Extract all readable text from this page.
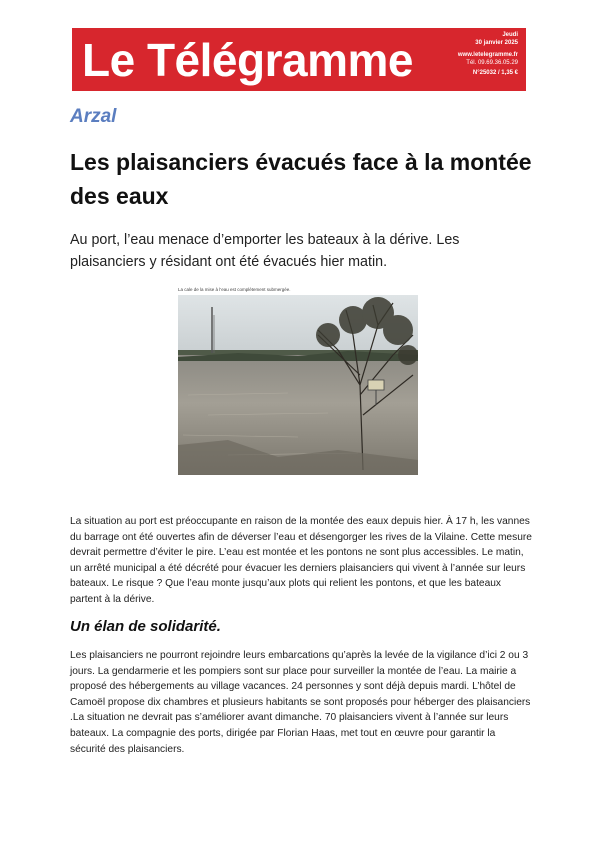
Le Télégramme	Jeudi
30 janvier 2025
www.letelegramme.fr
Tél. 09.69.36.05.29
N°25032 / 1,35 €
Arzal
Les plaisanciers évacués face à la montée des eaux
Au port, l’eau menace d’emporter les bateaux à la dérive. Les plaisanciers y résidant ont été évacués hier matin.
La cale de la mise à l’eau est complètement submergée.

La situation au port est préoccupante en raison de la montée des eaux depuis hier. À 17 h, les vannes du barrage ont été ouvertes afin de déverser l’eau et désengorger les rives de la Vilaine. Cette mesure devrait permettre d’éviter le pire. L’eau est montée et les pontons ne sont plus accessibles. Le matin, un arrêté municipal a été décrété pour évacuer les derniers plaisanciers qui vivent à l’année sur leurs bateaux. Le risque ? Que l’eau monte jusqu’aux plots qui relient les pontons, et que les bateaux partent à la dérive.

Un élan de solidarité.

Les plaisanciers ne pourront rejoindre leurs embarcations qu’après la levée de la vigilance d’ici 2 ou 3 jours. La gendarmerie et les pompiers sont sur place pour surveiller la montée de l’eau. La mairie a proposé des hébergements au village vacances. 24 personnes y sont déjà depuis mardi. L’hôtel de Camoël propose dix chambres et plusieurs habitants se sont proposés pour héberger des plaisanciers .La situation ne devrait pas s’améliorer avant dimanche. 70 plaisanciers vivent à l’année sur leurs bateaux. La compagnie des ports, dirigée par Florian Haas, met tout en œuvre pour garantir la sécurité des plaisanciers.
